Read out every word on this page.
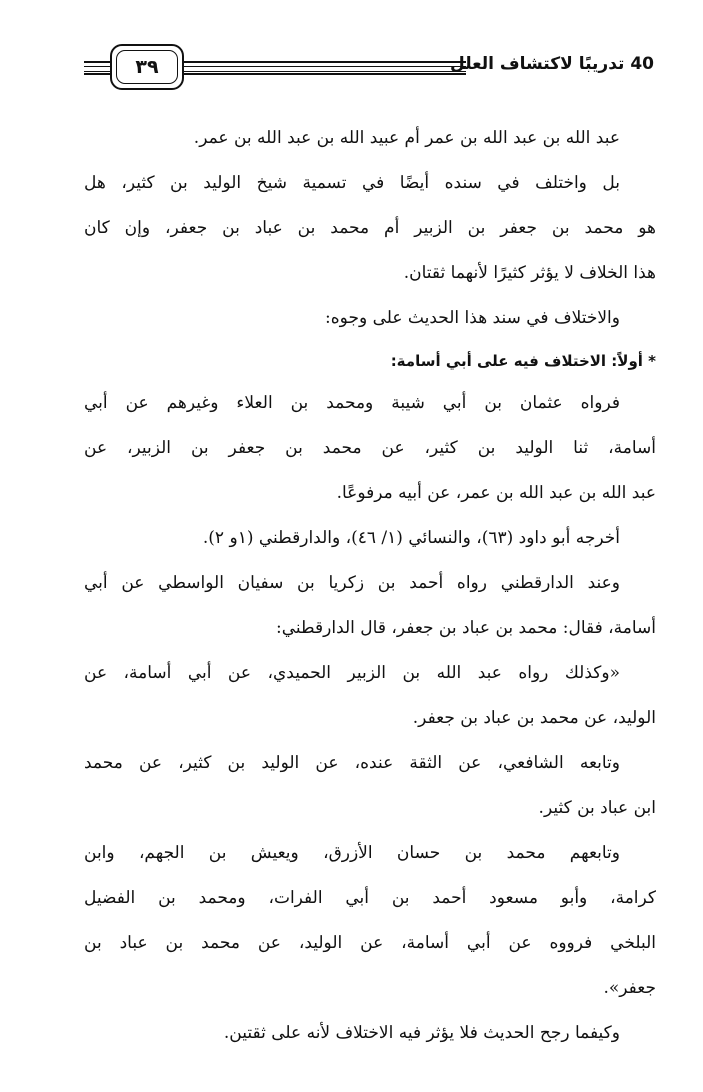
٣٩	40 تدريبًا لاكتشاف العلل
عبد الله بن عبد الله بن عمر أم عبيد الله بن عبد الله بن عمر.
بل واختلف في سنده أيضًا في تسمية شيخ الوليد بن كثير، هل
هو محمد بن جعفر بن الزبير أم محمد بن عباد بن جعفر، وإن كان
هذا الخلاف لا يؤثر كثيرًا لأنهما ثقتان.
والاختلاف في سند هذا الحديث على وجوه:
* أولاً: الاختلاف فيه على أبي أسامة:
فرواه عثمان بن أبي شيبة ومحمد بن العلاء وغيرهم عن أبي
أسامة، ثنا الوليد بن كثير، عن محمد بن جعفر بن الزبير، عن
عبد الله بن عبد الله بن عمر، عن أبيه مرفوعًا.
أخرجه أبو داود (٦٣)، والنسائي (١/ ٤٦)، والدارقطني (١و ٢).
وعند الدارقطني رواه أحمد بن زكريا بن سفيان الواسطي عن أبي
أسامة، فقال: محمد بن عباد بن جعفر، قال الدارقطني:
«وكذلك رواه عبد الله بن الزبير الحميدي، عن أبي أسامة، عن
الوليد، عن محمد بن عباد بن جعفر.
وتابعه الشافعي، عن الثقة عنده، عن الوليد بن كثير، عن محمد
ابن عباد بن كثير.
وتابعهم محمد بن حسان الأزرق، ويعيش بن الجهم، وابن
كرامة، وأبو مسعود أحمد بن أبي الفرات، ومحمد بن الفضيل
البلخي فرووه عن أبي أسامة، عن الوليد، عن محمد بن عباد بن
جعفر».
وكيفما رجح الحديث فلا يؤثر فيه الاختلاف لأنه على ثقتين.
